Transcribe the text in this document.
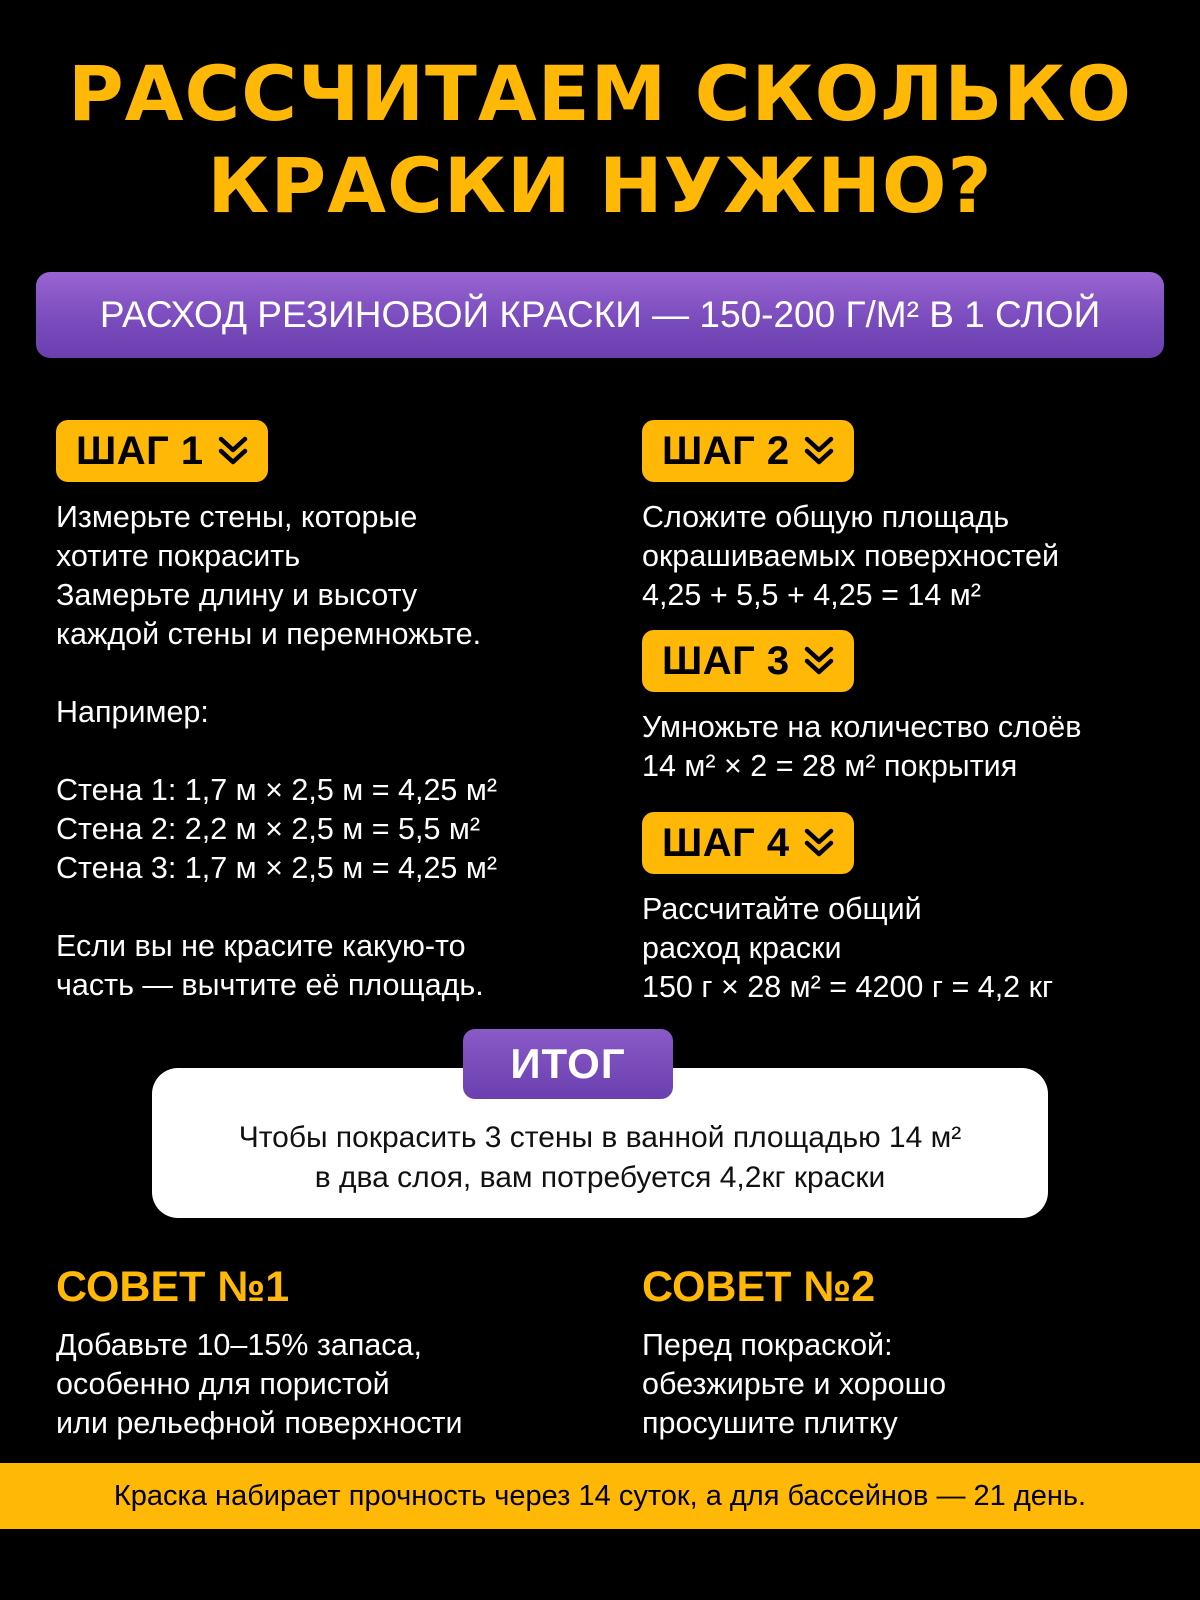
РАССЧИТАЕМ СКОЛЬКО
КРАСКИ НУЖНО?
РАСХОД РЕЗИНОВОЙ КРАСКИ — 150-200 Г/М² В 1 СЛОЙ
ШАГ 1
Измерьте стены, которые
хотите покрасить
Замерьте длину и высоту
каждой стены и перемножьте.
Например:
Стена 1: 1,7 м × 2,5 м = 4,25 м²
Стена 2: 2,2 м × 2,5 м = 5,5 м²
Стена 3: 1,7 м × 2,5 м = 4,25 м²
Если вы не красите какую-то
часть — вычтите её площадь.
ШАГ 2
Сложите общую площадь
окрашиваемых поверхностей
4,25 + 5,5 + 4,25 = 14 м²
ШАГ 3
Умножьте на количество слоёв
14 м² × 2 = 28 м² покрытия
ШАГ 4
Рассчитайте общий
расход краски
150 г × 28 м² = 4200 г = 4,2 кг
ИТОГ
Чтобы покрасить 3 стены в ванной площадью 14 м²
в два слоя, вам потребуется 4,2кг краски
СОВЕТ №1
Добавьте 10–15% запаса,
особенно для пористой
или рельефной поверхности
СОВЕТ №2
Перед покраской:
обезжирьте и хорошо
просушите плитку
Краска набирает прочность через 14 суток, а для бассейнов — 21 день.
